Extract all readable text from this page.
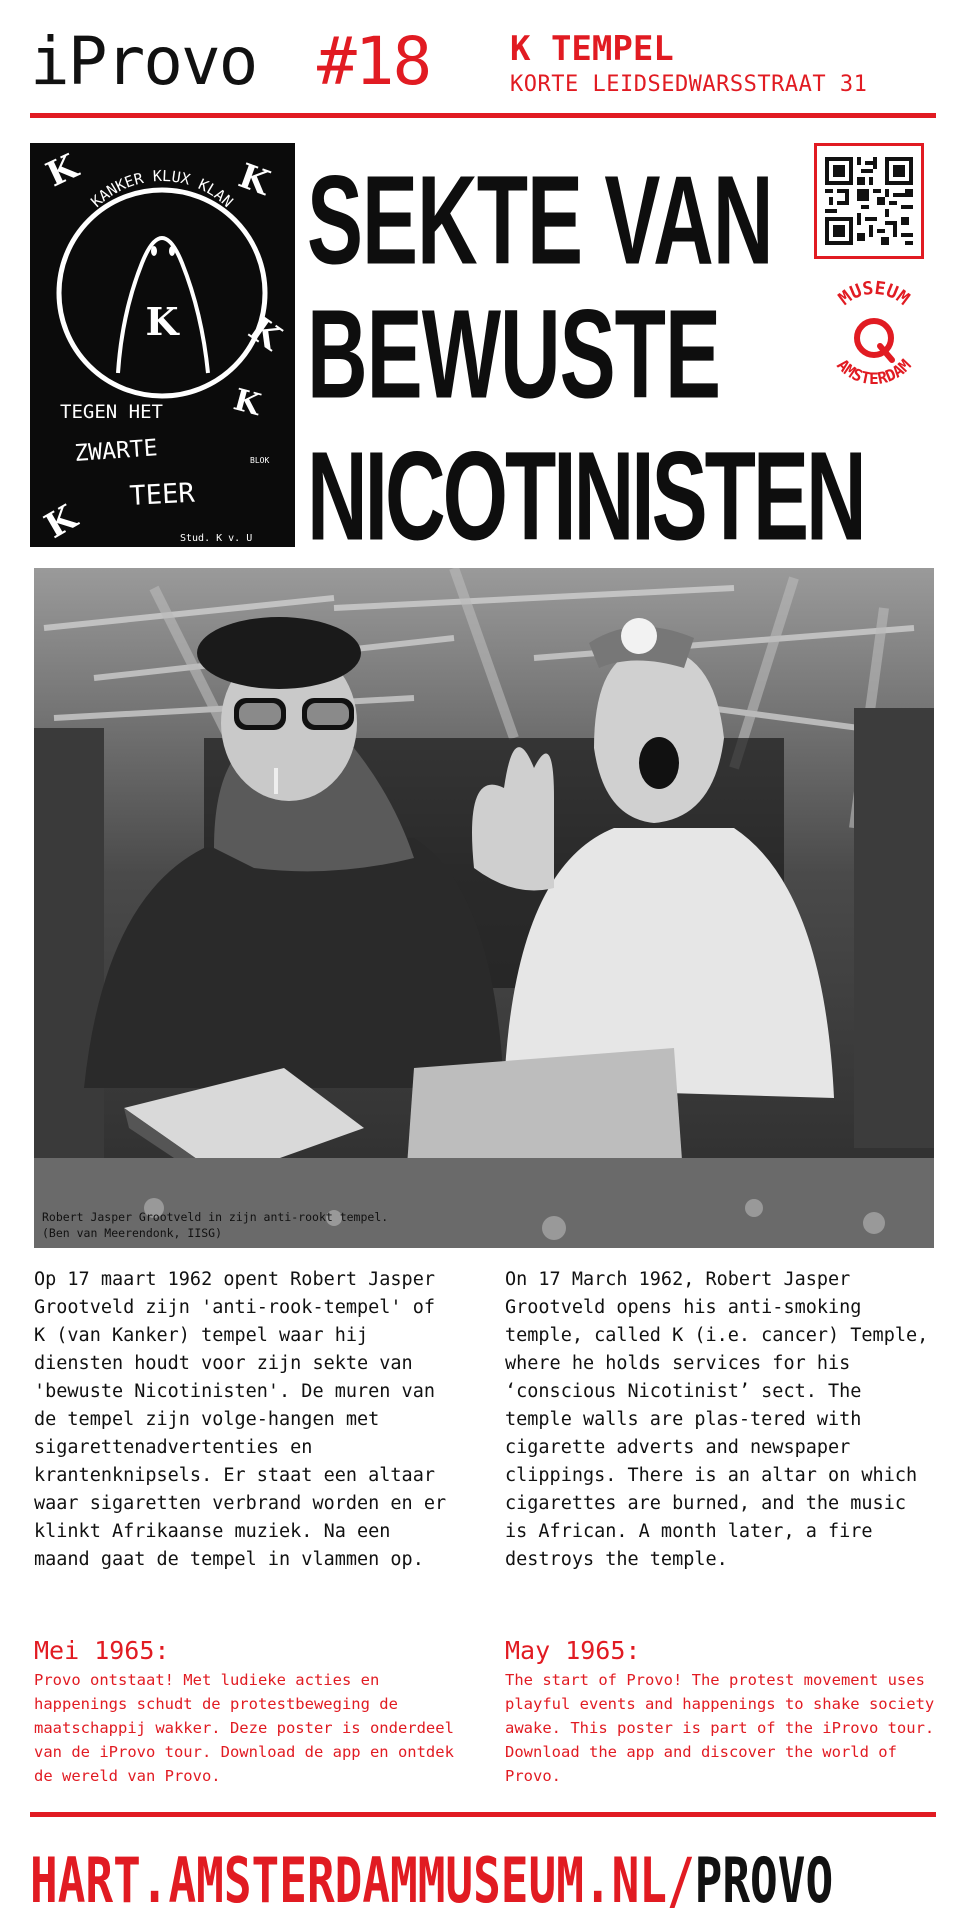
iProvo #18 K TEMPEL
KORTE LEIDSEDWARSSTRAAT 31
KANKER KLUX KLAN
K
K	K
K
K
K
TEGEN HET
ZWARTE
TEER
BLOK
Stud. K v. U
SEKTE VAN
BEWUSTE
NICOTINISTEN
MUSEUM
AMSTERDAM
Robert Jasper Grootveld in zijn anti-rookt tempel.
(Ben van Meerendonk, IISG)
Op 17 maart 1962 opent Robert Jasper Grootveld zijn 'anti-rook-tempel' of K (van Kanker) tempel waar hij diensten houdt voor zijn sekte van 'bewuste Nicotinisten'. De muren van de tempel zijn volge-hangen met sigarettenadvertenties en krantenknipsels. Er staat een altaar waar sigaretten verbrand worden en er klinkt Afrikaanse muziek. Na een maand gaat de tempel in vlammen op.
On 17 March 1962, Robert Jasper Grootveld opens his anti-smoking temple, called K (i.e. cancer) Temple, where he holds services for his ‘conscious Nicotinist’ sect. The temple walls are plas-tered with cigarette adverts and newspaper clippings. There is an altar on which cigarettes are burned, and the music is African. A month later, a fire destroys the temple.
Mei 1965:	May 1965:
Provo ontstaat! Met ludieke acties en happenings schudt de protestbeweging de maatschappij wakker. Deze poster is onderdeel van de iProvo tour. Download de app en ontdek de wereld van Provo.
The start of Provo! The protest movement uses playful events and happenings to shake society awake. This poster is part of the iProvo tour. Download the app and discover the world of Provo.
HART.AMSTERDAMMUSEUM.NL/PROVO
